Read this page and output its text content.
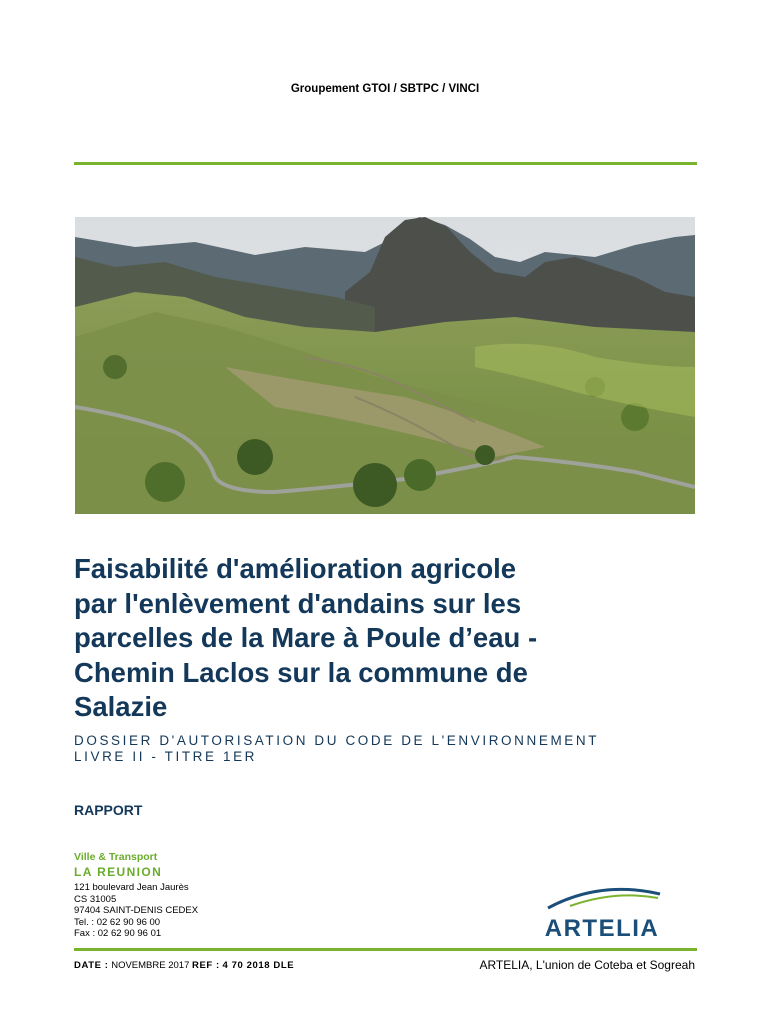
Groupement GTOI / SBTPC / VINCI
Faisabilité d'amélioration agricole
par l'enlèvement d'andains sur les
parcelles de la Mare à Poule d’eau -
Chemin Laclos sur la commune de
Salazie
DOSSIER D'AUTORISATION DU CODE DE L'ENVIRONNEMENT
LIVRE II - TITRE 1ER
RAPPORT
Ville & Transport
LA REUNION
121 boulevard Jean Jaurès
CS 31005
97404 SAINT-DENIS CEDEX
Tel. : 02 62 90 96 00
Fax : 02 62 90 96 01	ARTELIA
DATE : NOVEMBRE 2017 REF : 4 70 2018 DLE	ARTELIA, L'union de Coteba et Sogreah
